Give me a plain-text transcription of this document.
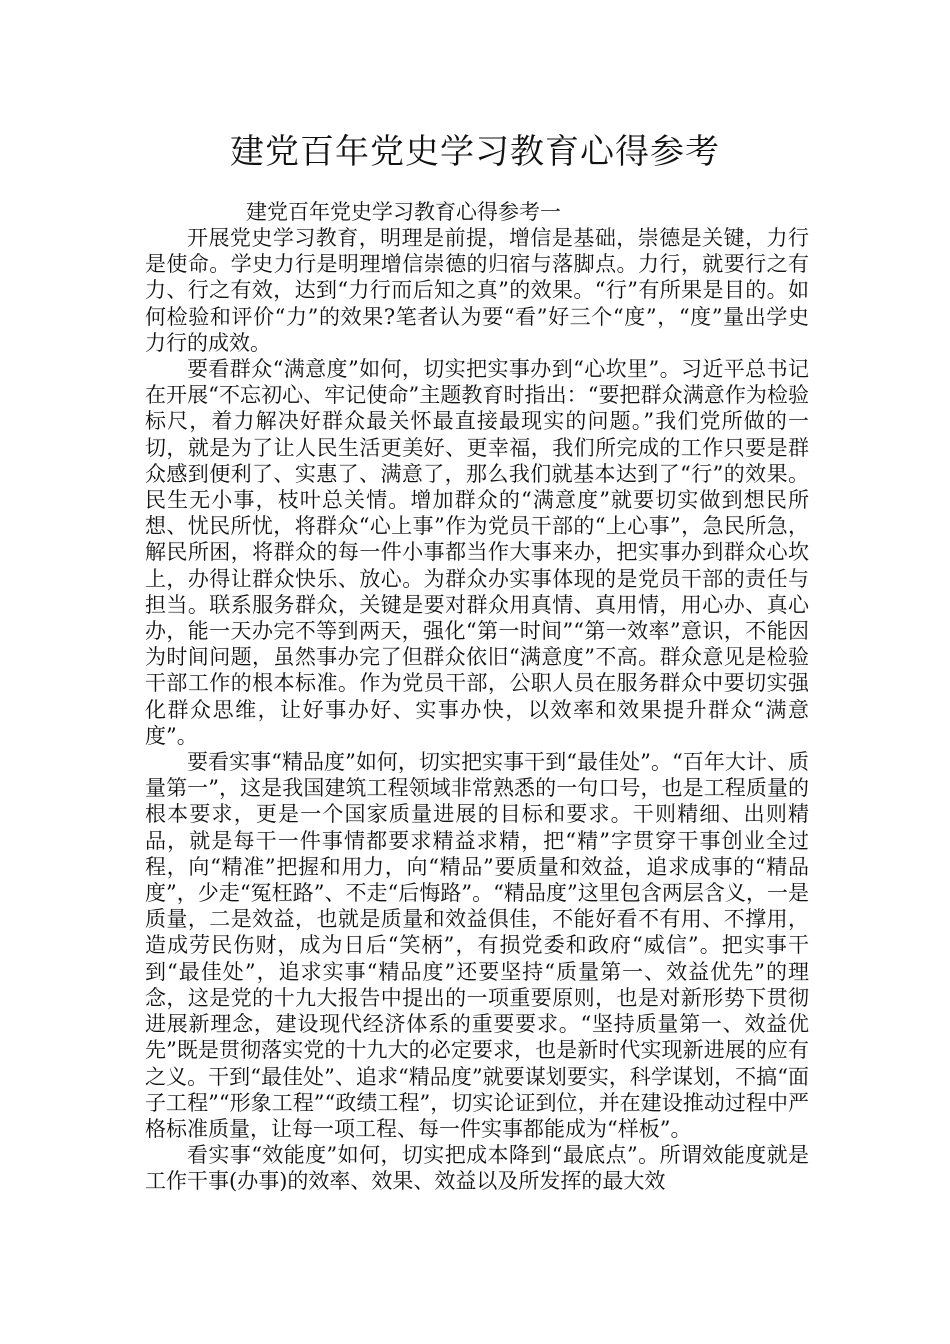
建党百年党史学习教育心得参考
建党百年党史学习教育心得参考一

开展党史学习教育，明理是前提，增信是基础，崇德是关键，力行是使命。学史力行是明理增信崇德的归宿与落脚点。力行，就要行之有力、行之有效，达到“力行而后知之真”的效果。“行”有所果是目的。如何检验和评价“力”的效果?笔者认为要“看”好三个“度”，“度”量出学史力行的成效。

要看群众“满意度”如何，切实把实事办到“心坎里”。习近平总书记在开展“不忘初心、牢记使命”主题教育时指出：“要把群众满意作为检验标尺，着力解决好群众最关怀最直接最现实的问题。”我们党所做的一切，就是为了让人民生活更美好、更幸福，我们所完成的工作只要是群众感到便利了、实惠了、满意了，那么我们就基本达到了“行”的效果。民生无小事，枝叶总关情。增加群众的“满意度”就要切实做到想民所想、忧民所忧，将群众“心上事”作为党员干部的“上心事”，急民所急，解民所困，将群众的每一件小事都当作大事来办，把实事办到群众心坎上，办得让群众快乐、放心。为群众办实事体现的是党员干部的责任与担当。联系服务群众，关键是要对群众用真情、真用情，用心办、真心办，能一天办完不等到两天，强化“第一时间”“第一效率”意识，不能因为时间问题，虽然事办完了但群众依旧“满意度”不高。群众意见是检验干部工作的根本标准。作为党员干部，公职人员在服务群众中要切实强化群众思维，让好事办好、实事办快，以效率和效果提升群众“满意度”。

要看实事“精品度”如何，切实把实事干到“最佳处”。“百年大计、质量第一”，这是我国建筑工程领域非常熟悉的一句口号，也是工程质量的根本要求，更是一个国家质量进展的目标和要求。干则精细、出则精品，就是每干一件事情都要求精益求精，把“精”字贯穿干事创业全过程，向“精准”把握和用力，向“精品”要质量和效益，追求成事的“精品度”，少走“冤枉路”、不走“后悔路”。“精品度”这里包含两层含义，一是质量，二是效益，也就是质量和效益俱佳，不能好看不有用、不撑用，造成劳民伤财，成为日后“笑柄”，有损党委和政府“威信”。把实事干到“最佳处”，追求实事“精品度”还要坚持“质量第一、效益优先”的理念，这是党的十九大报告中提出的一项重要原则，也是对新形势下贯彻进展新理念，建设现代经济体系的重要要求。“坚持质量第一、效益优先”既是贯彻落实党的十九大的必定要求，也是新时代实现新进展的应有之义。干到“最佳处”、追求“精品度”就要谋划要实，科学谋划，不搞“面子工程”“形象工程”“政绩工程”，切实论证到位，并在建设推动过程中严格标准质量，让每一项工程、每一件实事都能成为“样板”。

看实事“效能度”如何，切实把成本降到“最底点”。所谓效能度就是工作干事(办事)的效率、效果、效益以及所发挥的最大效
